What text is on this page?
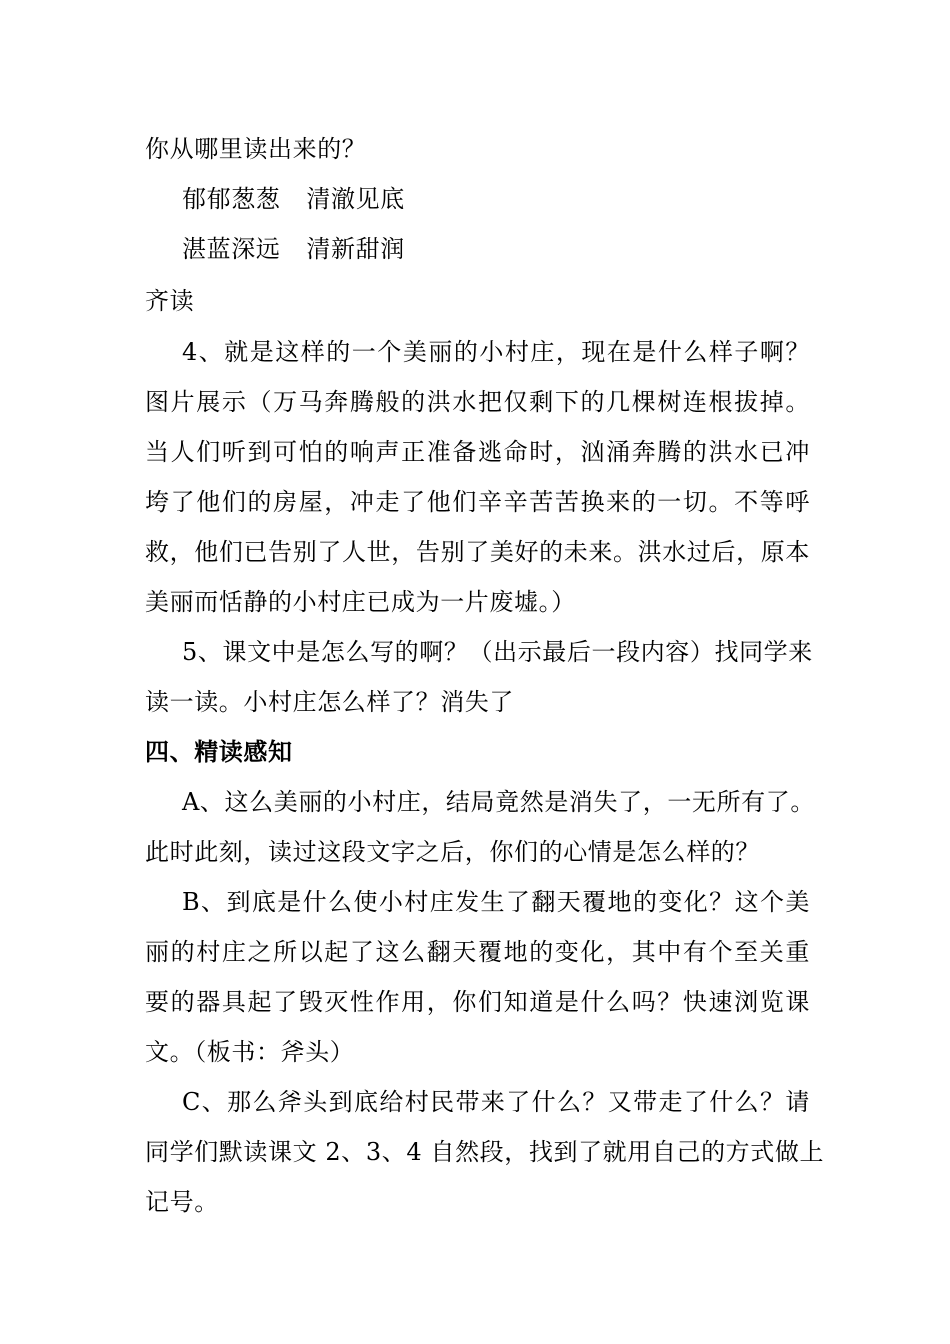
你从哪里读出来的？
郁郁葱葱 清澈见底
湛蓝深远 清新甜润
齐读
4、就是这样的一个美丽的小村庄，现在是什么样子啊？
图片展示（万马奔腾般的洪水把仅剩下的几棵树连根拔掉。
当人们听到可怕的响声正准备逃命时，汹涌奔腾的洪水已冲
垮了他们的房屋，冲走了他们辛辛苦苦换来的一切。不等呼
救，他们已告别了人世，告别了美好的未来。洪水过后，原本
美丽而恬静的小村庄已成为一片废墟。）
5、课文中是怎么写的啊？（出示最后一段内容）找同学来
读一读。小村庄怎么样了？消失了
四、精读感知
A、这么美丽的小村庄，结局竟然是消失了，一无所有了。
此时此刻，读过这段文字之后，你们的心情是怎么样的？
B、到底是什么使小村庄发生了翻天覆地的变化？这个美
丽的村庄之所以起了这么翻天覆地的变化，其中有个至关重
要的器具起了毁灭性作用，你们知道是什么吗？快速浏览课
文。（板书：斧头）
C、那么斧头到底给村民带来了什么？又带走了什么？请
同学们默读课文 2、3、4 自然段，找到了就用自己的方式做上
记号。
